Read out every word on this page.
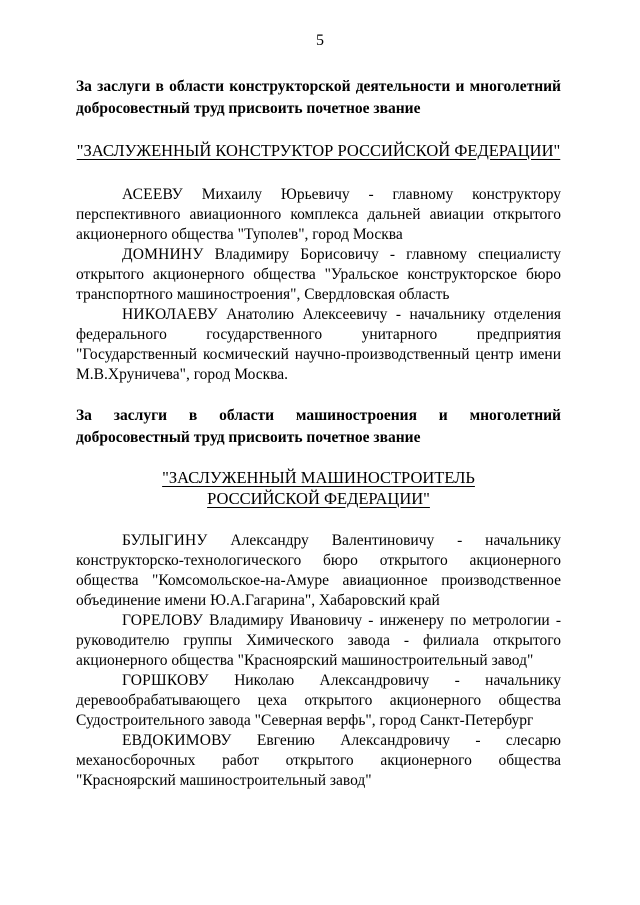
5

За заслуги в области конструкторской деятельности и многолетний добросовестный труд присвоить почетное звание

"ЗАСЛУЖЕННЫЙ КОНСТРУКТОР РОССИЙСКОЙ ФЕДЕРАЦИИ"

АСЕЕВУ Михаилу Юрьевичу - главному конструктору перспективного авиационного комплекса дальней авиации открытого акционерного общества "Туполев", город Москва

ДОМНИНУ Владимиру Борисовичу - главному специалисту открытого акционерного общества "Уральское конструкторское бюро транспортного машиностроения", Свердловская область

НИКОЛАЕВУ Анатолию Алексеевичу - начальнику отделения федерального государственного унитарного предприятия "Государственный космический научно-производственный центр имени М.В.Хруничева", город Москва.

За заслуги в области машиностроения и многолетний добросовестный труд присвоить почетное звание

"ЗАСЛУЖЕННЫЙ МАШИНОСТРОИТЕЛЬ
РОССИЙСКОЙ ФЕДЕРАЦИИ"

БУЛЫГИНУ Александру Валентиновичу - начальнику конструкторско-технологического бюро открытого акционерного общества "Комсомольское-на-Амуре авиационное производственное объединение имени Ю.А.Гагарина", Хабаровский край

ГОРЕЛОВУ Владимиру Ивановичу - инженеру по метрологии - руководителю группы Химического завода - филиала открытого акционерного общества "Красноярский машиностроительный завод"

ГОРШКОВУ Николаю Александровичу - начальнику деревообрабатывающего цеха открытого акционерного общества Судостроительного завода "Северная верфь", город Санкт-Петербург

ЕВДОКИМОВУ Евгению Александровичу - слесарю механосборочных работ открытого акционерного общества "Красноярский машиностроительный завод"
